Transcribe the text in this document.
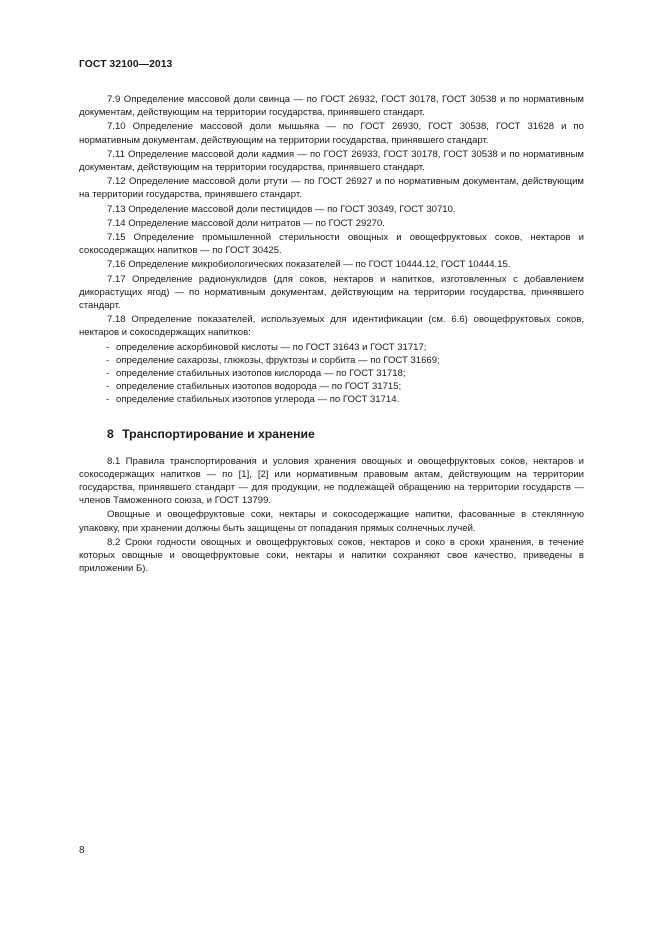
ГОСТ 32100—2013

7.9 Определение массовой доли свинца — по ГОСТ 26932, ГОСТ 30178, ГОСТ 30538 и по нормативным документам, действующим на территории государства, принявшего стандарт.

7.10 Определение массовой доли мышьяка — по ГОСТ 26930, ГОСТ 30538, ГОСТ 31628 и по нормативным документам, действующим на территории государства, принявшего стандарт.

7.11 Определение массовой доли кадмия — по ГОСТ 26933, ГОСТ 30178, ГОСТ 30538 и по нормативным документам, действующим на территории государства, принявшего стандарт.

7.12 Определение массовой доли ртути — по ГОСТ 26927 и по нормативным документам, действующим на территории государства, принявшего стандарт.

7.13 Определение массовой доли пестицидов — по ГОСТ 30349, ГОСТ 30710.

7.14 Определение массовой доли нитратов — по ГОСТ 29270.

7.15 Определение промышленной стерильности овощных и овощефруктовых соков, нектаров и сокосодержащих напитков — по ГОСТ 30425.

7.16 Определение микробиологических показателей — по ГОСТ 10444.12, ГОСТ 10444.15.

7.17 Определение радионуклидов (для соков, нектаров и напитков, изготовленных с добавлением дикорастущих ягод) — по нормативным документам, действующим на территории государства, принявшего стандарт.

7.18 Определение показателей, используемых для идентификации (см. 6.6) овощефруктовых соков, нектаров и сокосодержащих напитков:

- определение аскорбиновой кислоты — по ГОСТ 31643 и ГОСТ 31717;
- определение сахарозы, глюкозы, фруктозы и сорбита — по ГОСТ 31669;
- определение стабильных изотопов кислорода — по ГОСТ 31718;
- определение стабильных изотопов водорода — по ГОСТ 31715;
- определение стабильных изотопов углерода — по ГОСТ 31714.
8 Транспортирование и хранение

8.1 Правила транспортирования и условия хранения овощных и овощефруктовых соков, нектаров и сокосодержащих напитков — по [1], [2] или нормативным правовым актам, действующим на территории государства, принявшего стандарт — для продукции, не подлежащей обращению на территории государств — членов Таможенного союза, и ГОСТ 13799.

Овощные и овощефруктовые соки, нектары и сокосодержащие напитки, фасованные в стеклянную упаковку, при хранении должны быть защищены от попадания прямых солнечных лучей.

8.2 Сроки годности овощных и овощефруктовых соков, нектаров и соко в сроки хранения, в течение которых овощные и овощефруктовые соки, нектары и напитки сохраняют свое качество, приведены в приложении Б).

8
